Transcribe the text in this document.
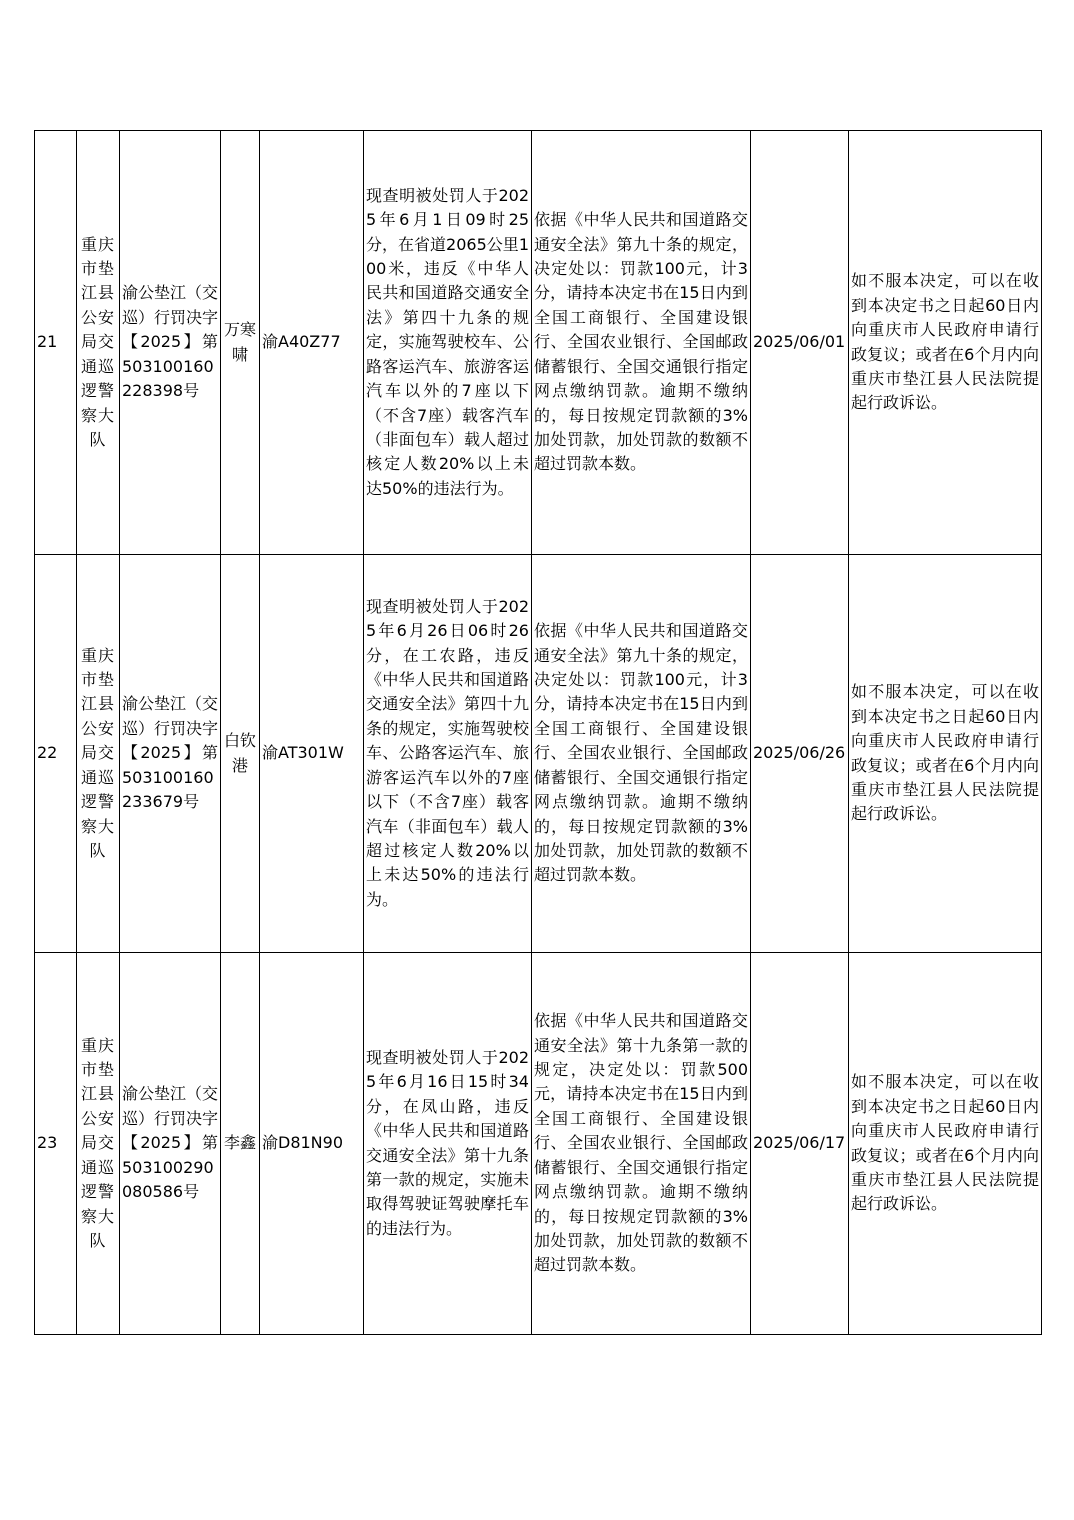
21	重庆市垫江县公安局交通巡逻警察大队	渝公垫江（交巡）行罚决字【2025】第503100160228398号	万寒啸	渝A40Z77	现查明被处罚人于2025年6月1日09时25分，在省道2065公里100米，违反《中华人民共和国道路交通安全法》第四十九条的规定，实施驾驶校车、公路客运汽车、旅游客运汽车以外的7座以下（不含7座）载客汽车（非面包车）载人超过核定人数20%以上未达50%的违法行为。	依据《中华人民共和国道路交通安全法》第九十条的规定，决定处以：罚款100元，计3分，请持本决定书在15日内到全国工商银行、全国建设银行、全国农业银行、全国邮政储蓄银行、全国交通银行指定网点缴纳罚款。逾期不缴纳的，每日按规定罚款额的3%加处罚款，加处罚款的数额不超过罚款本数。	2025/06/01	如不服本决定，可以在收到本决定书之日起60日内向重庆市人民政府申请行政复议；或者在6个月内向重庆市垫江县人民法院提起行政诉讼。
22	重庆市垫江县公安局交通巡逻警察大队	渝公垫江（交巡）行罚决字【2025】第503100160233679号	白钦港	渝AT301W	现查明被处罚人于2025年6月26日06时26分，在工农路，违反《中华人民共和国道路交通安全法》第四十九条的规定，实施驾驶校车、公路客运汽车、旅游客运汽车以外的7座以下（不含7座）载客汽车（非面包车）载人超过核定人数20%以上未达50%的违法行为。	依据《中华人民共和国道路交通安全法》第九十条的规定，决定处以：罚款100元，计3分，请持本决定书在15日内到全国工商银行、全国建设银行、全国农业银行、全国邮政储蓄银行、全国交通银行指定网点缴纳罚款。逾期不缴纳的，每日按规定罚款额的3%加处罚款，加处罚款的数额不超过罚款本数。	2025/06/26	如不服本决定，可以在收到本决定书之日起60日内向重庆市人民政府申请行政复议；或者在6个月内向重庆市垫江县人民法院提起行政诉讼。
23	重庆市垫江县公安局交通巡逻警察大队	渝公垫江（交巡）行罚决字【2025】第503100290080586号	李鑫	渝D81N90	现查明被处罚人于2025年6月16日15时34分，在凤山路，违反《中华人民共和国道路交通安全法》第十九条第一款的规定，实施未取得驾驶证驾驶摩托车的违法行为。	依据《中华人民共和国道路交通安全法》第十九条第一款的规定，决定处以：罚款500元，请持本决定书在15日内到全国工商银行、全国建设银行、全国农业银行、全国邮政储蓄银行、全国交通银行指定网点缴纳罚款。逾期不缴纳的，每日按规定罚款额的3%加处罚款，加处罚款的数额不超过罚款本数。	2025/06/17	如不服本决定，可以在收到本决定书之日起60日内向重庆市人民政府申请行政复议；或者在6个月内向重庆市垫江县人民法院提起行政诉讼。
